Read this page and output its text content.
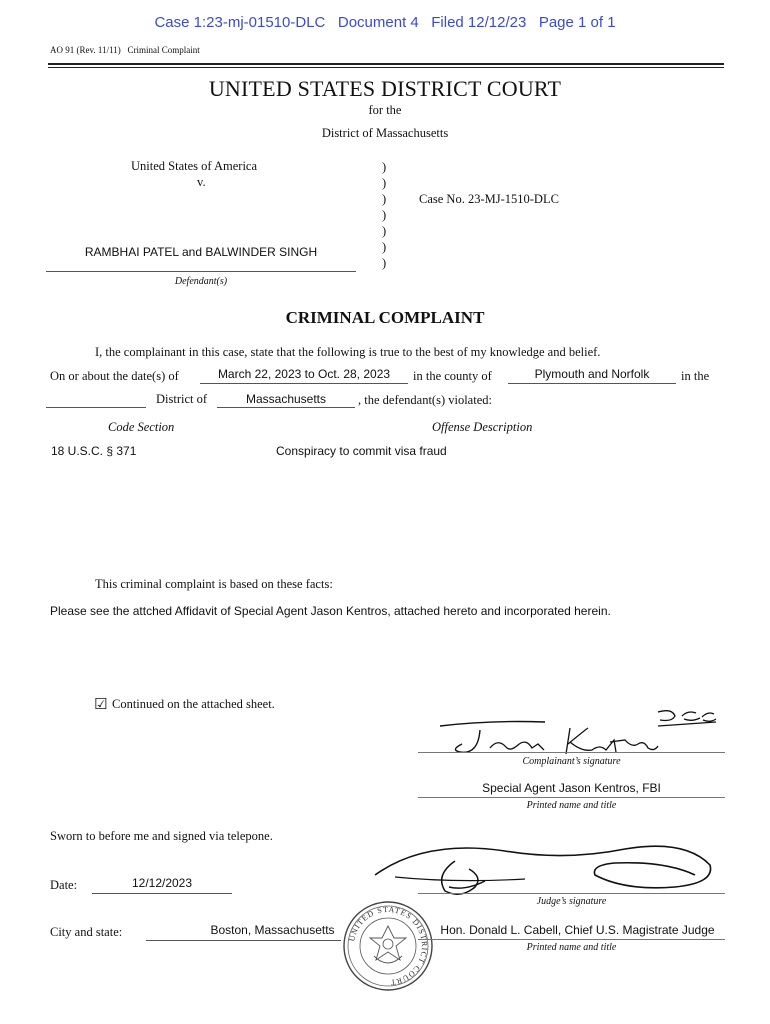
Case 1:23-mj-01510-DLC   Document 4   Filed 12/12/23   Page 1 of 1
AO 91 (Rev. 11/11)   Criminal Complaint
UNITED STATES DISTRICT COURT
for the
District of Massachusetts
United States of America
v.
RAMBHAI PATEL and BALWINDER SINGH
Defendant(s)
)
)
)
)
)
)
)
Case No. 23-MJ-1510-DLC
CRIMINAL COMPLAINT
I, the complainant in this case, state that the following is true to the best of my knowledge and belief.
On or about the date(s) of	March 22, 2023 to Oct. 28, 2023	in the county of	Plymouth and Norfolk	in the
District of	Massachusetts	, the defendant(s) violated:
Code Section	Offense Description
18 U.S.C. § 371	Conspiracy to commit visa fraud
This criminal complaint is based on these facts:
Please see the attched Affidavit of Special Agent Jason Kentros, attached hereto and incorporated herein.
☑ Continued on the attached sheet.
Complainant’s signature
Special Agent Jason Kentros, FBI
Printed name and title
Sworn to before me and signed via telepone.
Date:	12/12/2023
Judge’s signature
City and state:	Boston, Massachusetts
UNITED STATES DISTRICT COURT
Hon. Donald L. Cabell, Chief U.S. Magistrate Judge
Printed name and title
